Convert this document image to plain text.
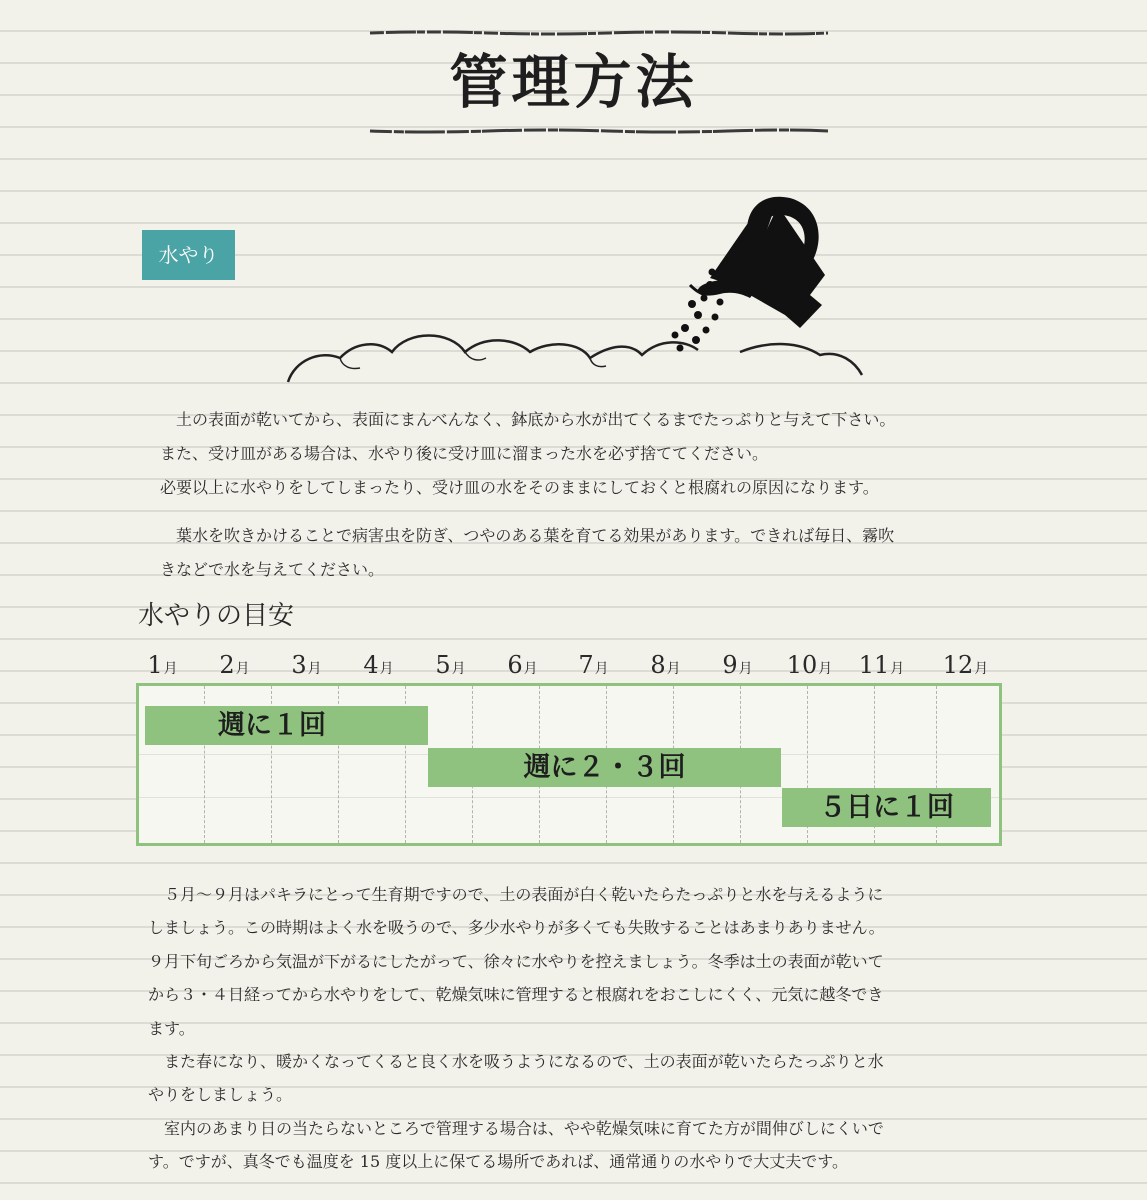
管理方法
水やり
　土の表面が乾いてから、表面にまんべんなく、鉢底から水が出てくるまでたっぷりと与えて下さい。
また、受け皿がある場合は、水やり後に受け皿に溜まった水を必ず捨ててください。
必要以上に水やりをしてしまったり、受け皿の水をそのままにしておくと根腐れの原因になります。
　葉水を吹きかけることで病害虫を防ぎ、つやのある葉を育てる効果があります。できれば毎日、霧吹
きなどで水を与えてください。
水やりの目安
1月	2月	3月	4月	5月	6月	7月	8月	9月	10月	11月	12月
週に１回
週に２・３回
５日に１回
　５月～９月はパキラにとって生育期ですので、土の表面が白く乾いたらたっぷりと水を与えるように
しましょう。この時期はよく水を吸うので、多少水やりが多くても失敗することはあまりありません。
９月下旬ごろから気温が下がるにしたがって、徐々に水やりを控えましょう。冬季は土の表面が乾いて
から３・４日経ってから水やりをして、乾燥気味に管理すると根腐れをおこしにくく、元気に越冬でき
ます。
　また春になり、暖かくなってくると良く水を吸うようになるので、土の表面が乾いたらたっぷりと水
やりをしましょう。
　室内のあまり日の当たらないところで管理する場合は、やや乾燥気味に育てた方が間伸びしにくいで
す。ですが、真冬でも温度を 15 度以上に保てる場所であれば、通常通りの水やりで大丈夫です。
